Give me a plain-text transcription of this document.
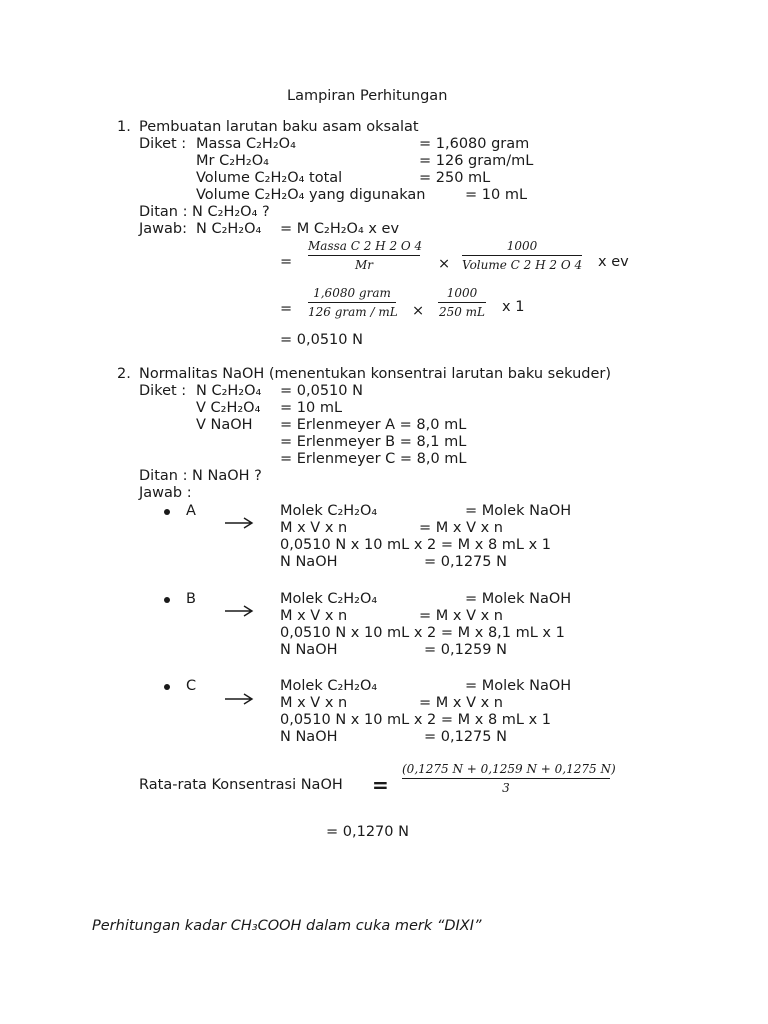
Lampiran Perhitungan
1. Pembuatan larutan baku asam oksalat
Diket : Massa C₂H₂O₄	= 1,6080 gram
Mr C₂H₂O₄	= 126 gram/mL
Volume C₂H₂O₄ total	= 250 mL
Volume C₂H₂O₄ yang digunakan	= 10 mL
Ditan : N C₂H₂O₄ ?
Jawab: N C₂H₂O₄ = M C₂H₂O₄ x ev
=
Massa C 2 H 2 O 4
Mr	×
1000
Volume C 2 H 2 O 4 x ev
=
1,6080 gram
126 gram / mL × $\frac{1000}{250 mL}$ x 1
= 0,0510 N
2. Normalitas NaOH (menentukan konsentrai larutan baku sekuder)
Diket : N C₂H₂O₄ = 0,0510 N
V C₂H₂O₄ = 10 mL
V NaOH = Erlenmeyer A = 8,0 mL
= Erlenmeyer B = 8,1 mL
= Erlenmeyer C = 8,0 mL
Ditan : N NaOH ?
Jawab :
A	Molek C₂H₂O₄	= Molek NaOH
M x V x n	= M x V x n
0,0510 N x 10 mL x 2 = M x 8 mL x 1
N NaOH	= 0,1275 N
B	Molek C₂H₂O₄	= Molek NaOH
M x V x n	= M x V x n
0,0510 N x 10 mL x 2 = M x 8,1 mL x 1
N NaOH	= 0,1259 N
C	Molek C₂H₂O₄	= Molek NaOH
M x V x n	= M x V x n
0,0510 N x 10 mL x 2 = M x 8 mL x 1
N NaOH	= 0,1275 N
Rata-rata Konsentrasi NaOH = $\frac{(0,1275 N + 0,1259 N + 0,1275 N)}{3}$
= 0,1270 N
Perhitungan kadar CH₃COOH dalam cuka merk “DIXI”
